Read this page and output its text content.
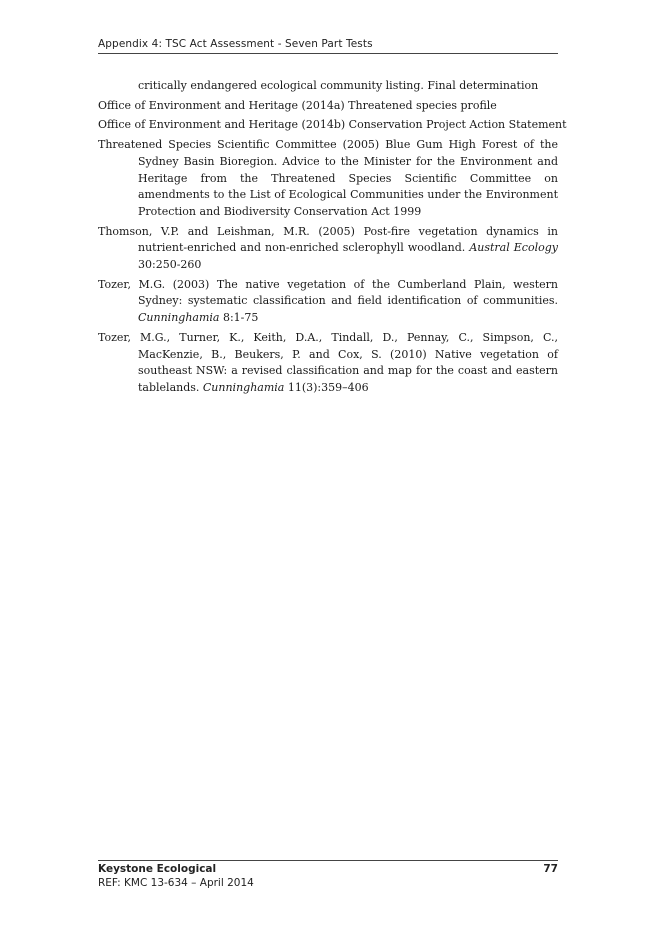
Appendix 4: TSC Act Assessment - Seven Part Tests

critically endangered ecological community listing. Final determination

Office of Environment and Heritage (2014a) Threatened species profile

Office of Environment and Heritage (2014b) Conservation Project Action Statement

Threatened Species Scientific Committee (2005) Blue Gum High Forest of the Sydney Basin Bioregion. Advice to the Minister for the Environment and Heritage from the Threatened Species Scientific Committee on amendments to the List of Ecological Communities under the Environment Protection and Biodiversity Conservation Act 1999

Thomson, V.P. and Leishman, M.R. (2005) Post-fire vegetation dynamics in nutrient-enriched and non-enriched sclerophyll woodland. Austral Ecology 30:250-260

Tozer, M.G. (2003) The native vegetation of the Cumberland Plain, western Sydney: systematic classification and field identification of communities. Cunninghamia 8:1-75

Tozer, M.G., Turner, K., Keith, D.A., Tindall, D., Pennay, C., Simpson, C., MacKenzie, B., Beukers, P. and Cox, S. (2010) Native vegetation of southeast NSW: a revised classification and map for the coast and eastern tablelands. Cunninghamia 11(3):359–406

Keystone Ecological	77
REF: KMC 13-634 – April 2014
